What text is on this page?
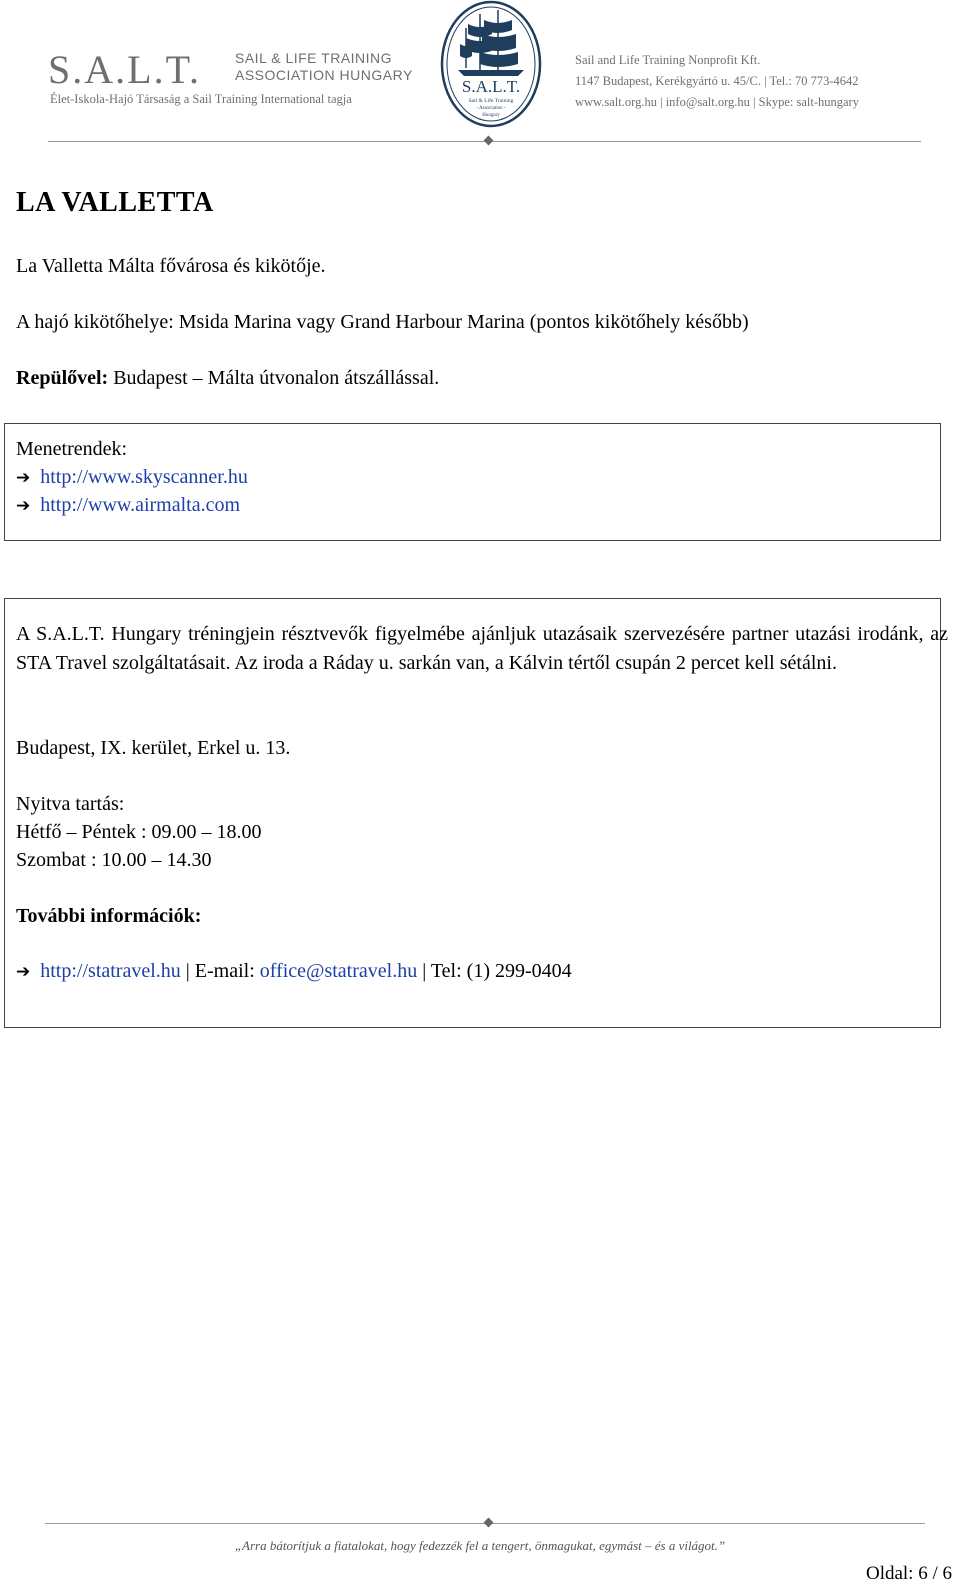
S.A.L.T. SAIL & LIFE TRAINING
ASSOCIATION HUNGARY
Élet-Iskola-Hajó Társaság a Sail Training International tagja
S.A.L.T.
Sail & Life Training
- Association -
Hungary
Sail and Life Training Nonprofit Kft.
1147 Budapest, Kerékgyártó u. 45/C. | Tel.: 70 773-4642
www.salt.org.hu | info@salt.org.hu | Skype: salt-hungary
LA VALLETTA

La Valletta Málta fővárosa és kikötője.

A hajó kikötőhelye: Msida Marina vagy Grand Harbour Marina (pontos kikötőhely később)

Repülővel: Budapest – Málta útvonalon átszállással.

Menetrendek:
➔ http://www.skyscanner.hu
➔ http://www.airmalta.com
A S.A.L.T. Hungary tréningjein résztvevők figyelmébe ajánljuk utazásaik szervezésére partner utazási irodánk, az STA Travel szolgáltatásait. Az iroda a Ráday u. sarkán van, a Kálvin tértől csupán 2 percet kell sétálni.
Budapest, IX. kerület, Erkel u. 13.
Nyitva tartás:
Hétfő – Péntek : 09.00 – 18.00
Szombat : 10.00 – 14.30
További információk:
➔ http://statravel.hu | E-mail: office@statravel.hu | Tel: (1) 299-0404
„Arra bátorítjuk a fiatalokat, hogy fedezzék fel a tengert, önmagukat, egymást – és a világot.”
Oldal: 6 / 6
